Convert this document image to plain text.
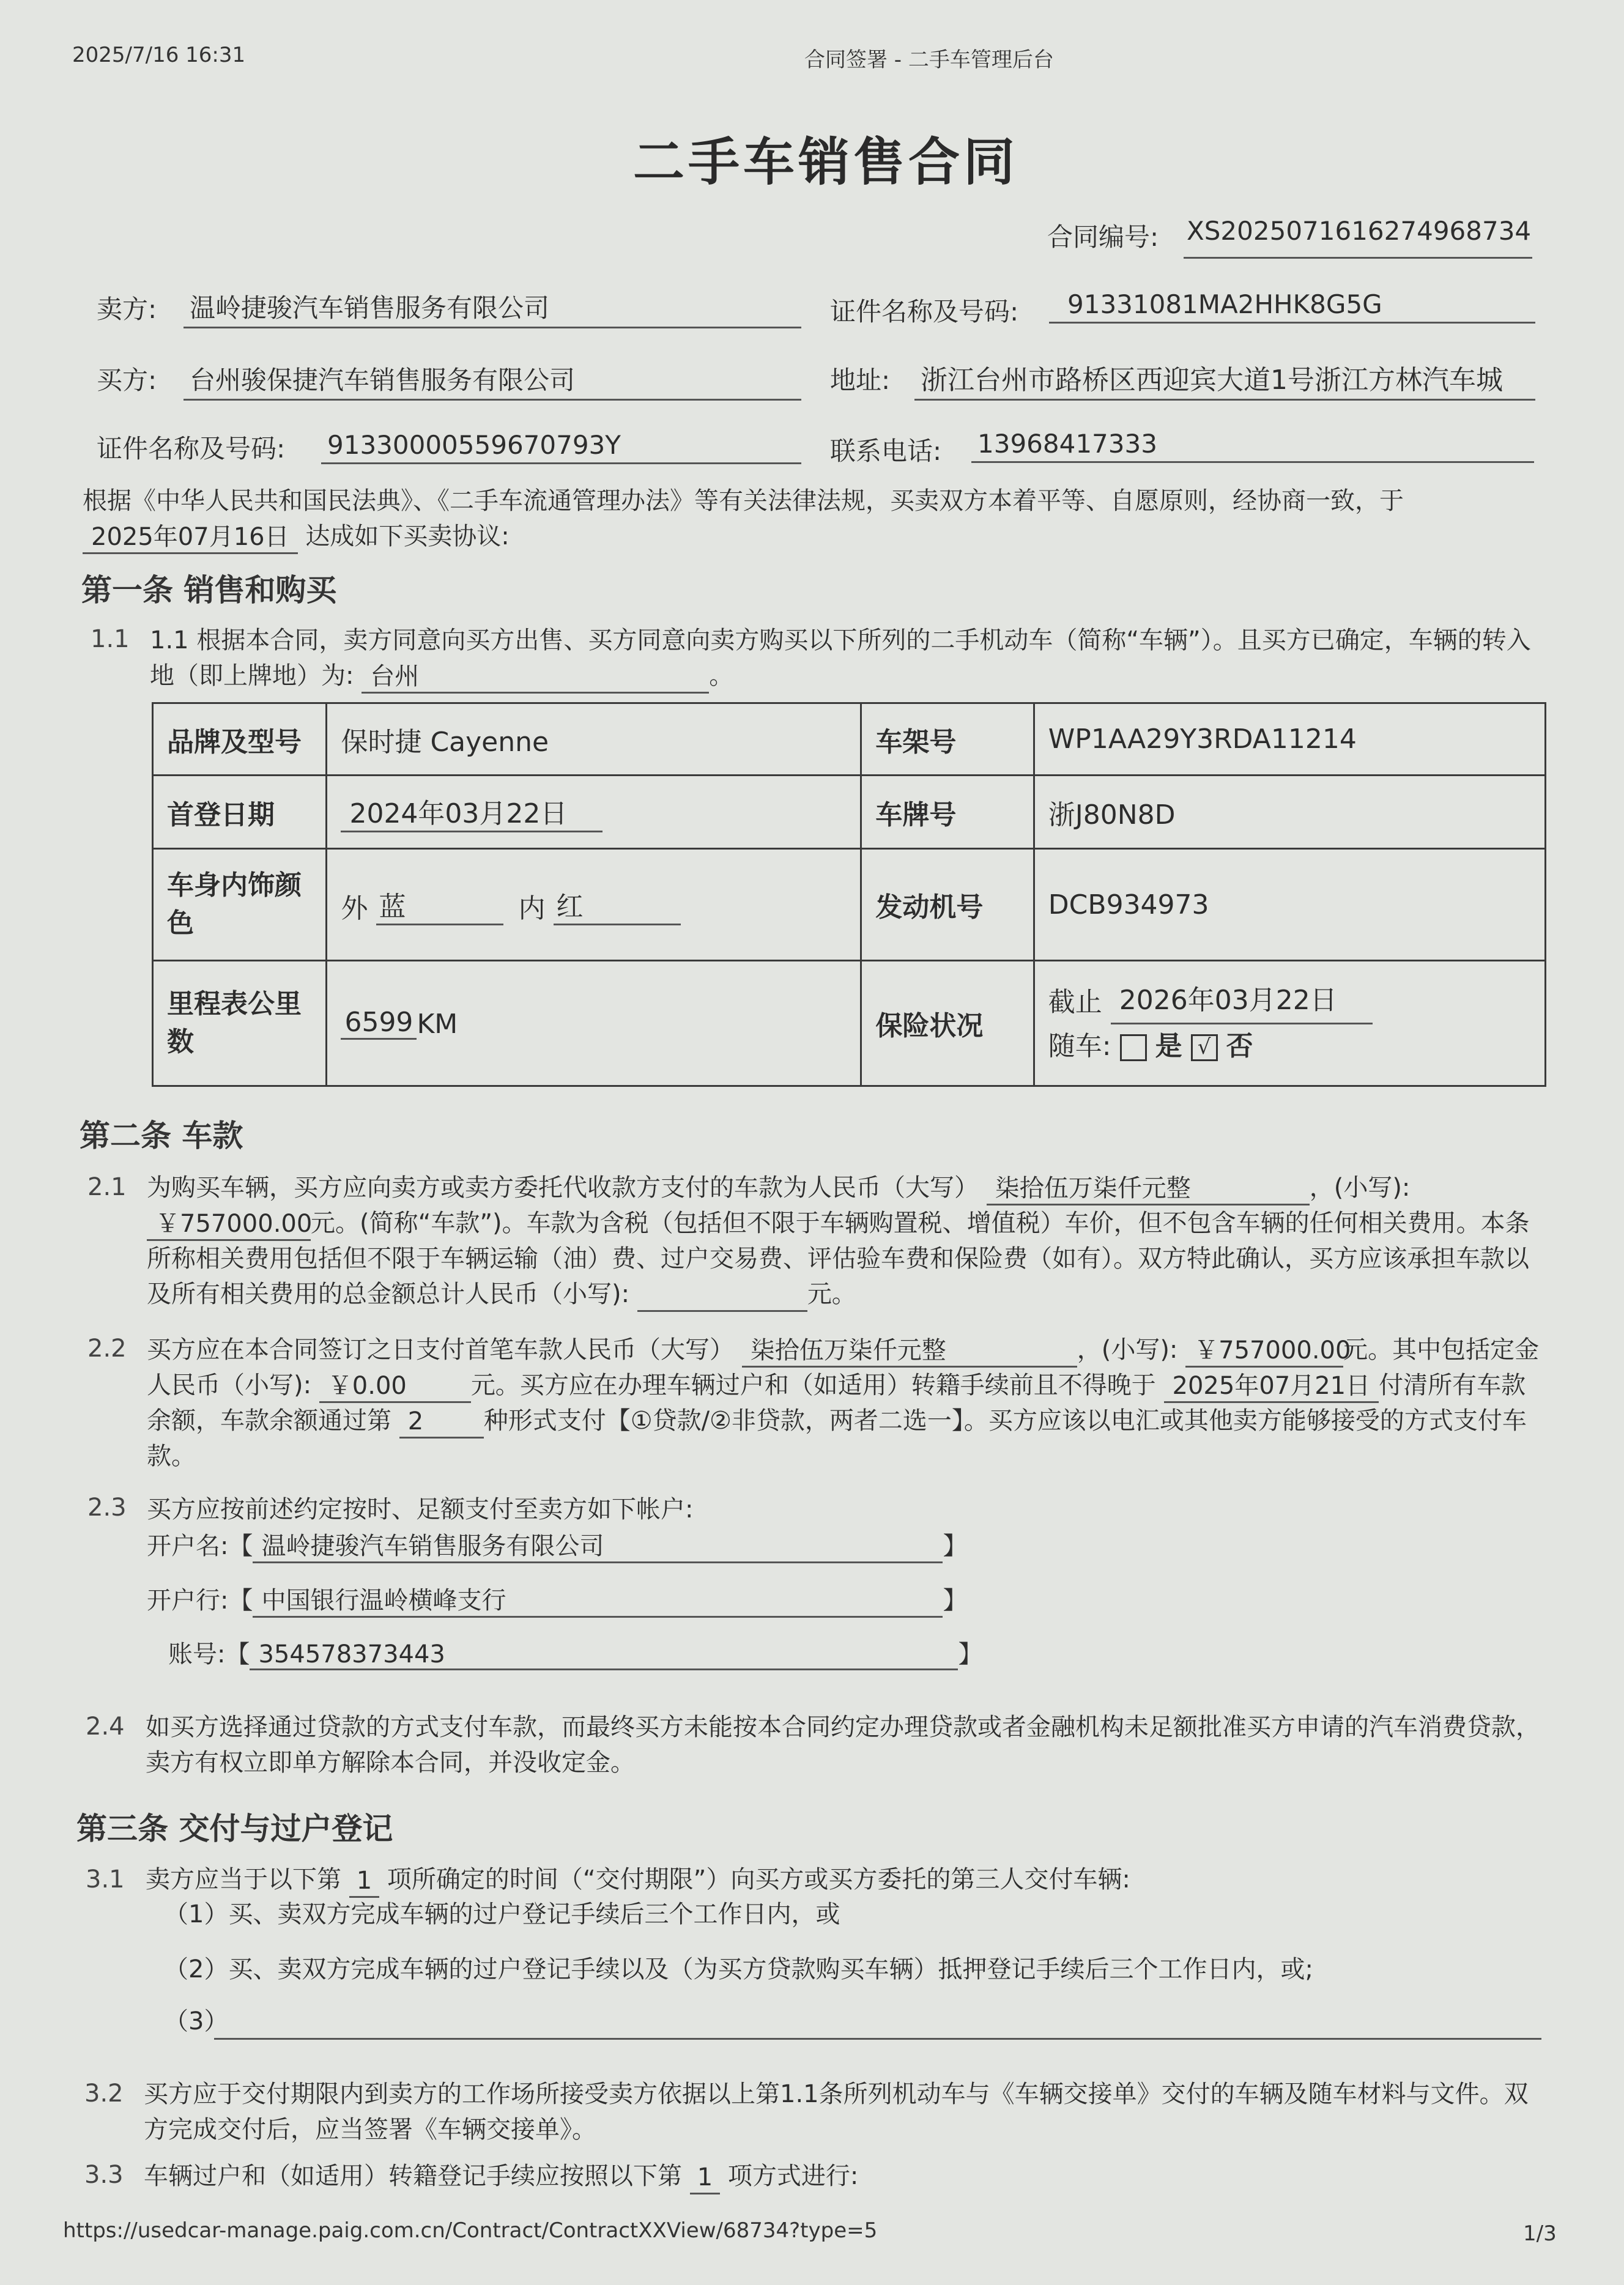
2025/7/16 16:31	合同签署 - 二手车管理后台
二手车销售合同
合同编号: XS2025071616274968734
卖方: 温岭捷骏汽车销售服务有限公司	证件名称及号码: 91331081MA2HHK8G5G
买方: 台州骏保捷汽车销售服务有限公司	地址: 浙江台州市路桥区西迎宾大道1号浙江方林汽车城
证件名称及号码: 91330000559670793Y	联系电话: 13968417333
根据《中华人民共和国民法典》、《二手车流通管理办法》等有关法律法规，买卖双方本着平等、自愿原则，经协商一致，于 2025年07月16日 达成如下买卖协议:
第一条 销售和购买
1.1 1.1 根据本合同，卖方同意向买方出售、买方同意向卖方购买以下所列的二手机动车（简称“车辆”）。且买方已确定，车辆的转入地（即上牌地）为: 台州	。
品牌及型号	保时捷 Cayenne	车架号	WP1AA29Y3RDA11214
首登日期	2024年03月22日	车牌号	浙J80N8D
车身内饰颜色	外 蓝 内 红	发动机号	DCB934973
里程表公里数	6599 KM	保险状况	截止 2026年03月22日
随车: 是 √ 否
第二条 车款
2.1 为购买车辆，买方应向卖方或卖方委托代收款方支付的车款为人民币（大写） 柒拾伍万柒仟元整	，(小写): ￥757000.00元。(简称“车款”)。车款为含税（包括但不限于车辆购置税、增值税）车价，但不包含车辆的任何相关费用。本条所称相关费用包括但不限于车辆运输（油）费、过户交易费、评估验车费和保险费（如有）。双方特此确认，买方应该承担车款以及所有相关费用的总金额总计人民币（小写):	元。
2.2 买方应在本合同签订之日支付首笔车款人民币（大写） 柒拾伍万柒仟元整	，(小写): ￥757000.00元。其中包括定金人民币（小写): ￥0.00	元。买方应在办理车辆过户和（如适用）转籍手续前且不得晚于 2025年07月21日 付清所有车款余额，车款余额通过第 2 种形式支付【①贷款/②非贷款，两者二选一】。买方应该以电汇或其他卖方能够接受的方式支付车款。
2.3 买方应按前述约定按时、足额支付至卖方如下帐户:
开户名:【 温岭捷骏汽车销售服务有限公司	】
开户行:【 中国银行温岭横峰支行	】
账号:【 354578373443	】
2.4 如买方选择通过贷款的方式支付车款，而最终买方未能按本合同约定办理贷款或者金融机构未足额批准买方申请的汽车消费贷款，卖方有权立即单方解除本合同，并没收定金。
第三条 交付与过户登记
3.1 卖方应当于以下第 1 项所确定的时间（“交付期限”）向买方或买方委托的第三人交付车辆:
（1）买、卖双方完成车辆的过户登记手续后三个工作日内，或
（2）买、卖双方完成车辆的过户登记手续以及（为买方贷款购买车辆）抵押登记手续后三个工作日内，或;
（3）
3.2 买方应于交付期限内到卖方的工作场所接受卖方依据以上第1.1条所列机动车与《车辆交接单》交付的车辆及随车材料与文件。双方完成交付后，应当签署《车辆交接单》。
3.3 车辆过户和（如适用）转籍登记手续应按照以下第 1 项方式进行:
https://usedcar-manage.paig.com.cn/Contract/ContractXXView/68734?type=5	1/3
